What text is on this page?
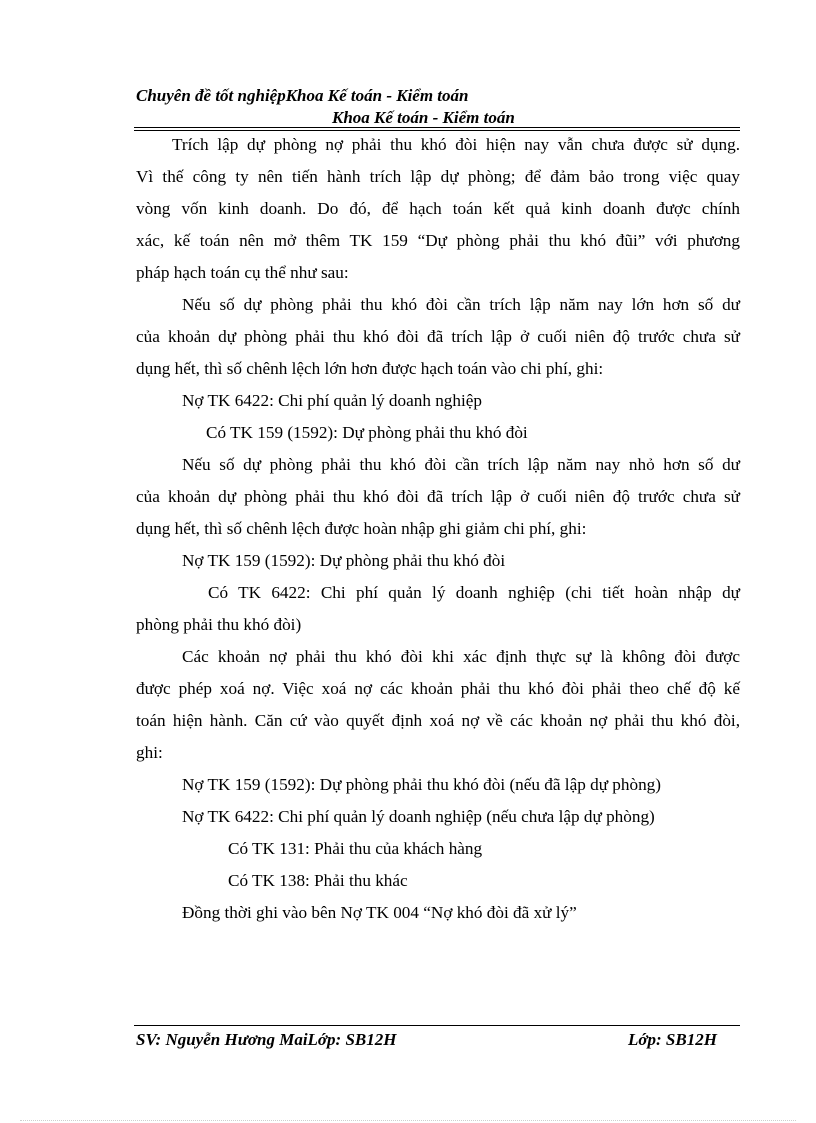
Chuyên đề tốt nghiệpKhoa Kế toán - Kiểm toán
Khoa Kế toán - Kiểm toán
Trích lập dự phòng nợ phải thu khó đòi hiện nay vẫn chưa được sử dụng.
Vì thế công ty nên tiến hành trích lập dự phòng; để đảm bảo trong việc quay
vòng vốn kinh doanh. Do đó, để hạch toán kết quả kinh doanh được chính
xác, kế toán nên mở thêm TK 159 “Dự phòng phải thu khó đũi” với phương
pháp hạch toán cụ thể như sau:
Nếu số dự phòng phải thu khó đòi cần trích lập năm nay lớn hơn số dư
của khoản dự phòng phải thu khó đòi đã trích lập ở cuối niên độ trước chưa sử
dụng hết, thì số chênh lệch lớn hơn được hạch toán vào chi phí, ghi:
Nợ TK 6422: Chi phí quản lý doanh nghiệp
Có TK 159 (1592): Dự phòng phải thu khó đòi
Nếu số dự phòng phải thu khó đòi cần trích lập năm nay nhỏ hơn số dư
của khoản dự phòng phải thu khó đòi đã trích lập ở cuối niên độ trước chưa sử
dụng hết, thì số chênh lệch được hoàn nhập ghi giảm chi phí, ghi:
Nợ TK 159 (1592): Dự phòng phải thu khó đòi
Có TK 6422: Chi phí quản lý doanh nghiệp (chi tiết hoàn nhập dự
phòng phải thu khó đòi)
Các khoản nợ phải thu khó đòi khi xác định thực sự là không đòi được
được phép xoá nợ. Việc xoá nợ các khoản phải thu khó đòi phải theo chế độ kế
toán hiện hành. Căn cứ vào quyết định xoá nợ về các khoản nợ phải thu khó đòi,
ghi:
Nợ TK 159 (1592): Dự phòng phải thu khó đòi (nếu đã lập dự phòng)
Nợ TK 6422: Chi phí quản lý doanh nghiệp (nếu chưa lập dự phòng)
Có TK 131: Phải thu của khách hàng
Có TK 138: Phải thu khác
Đồng thời ghi vào bên Nợ TK 004 “Nợ khó đòi đã xử lý”
SV: Nguyễn Hương MaiLớp: SB12H	Lớp: SB12H
